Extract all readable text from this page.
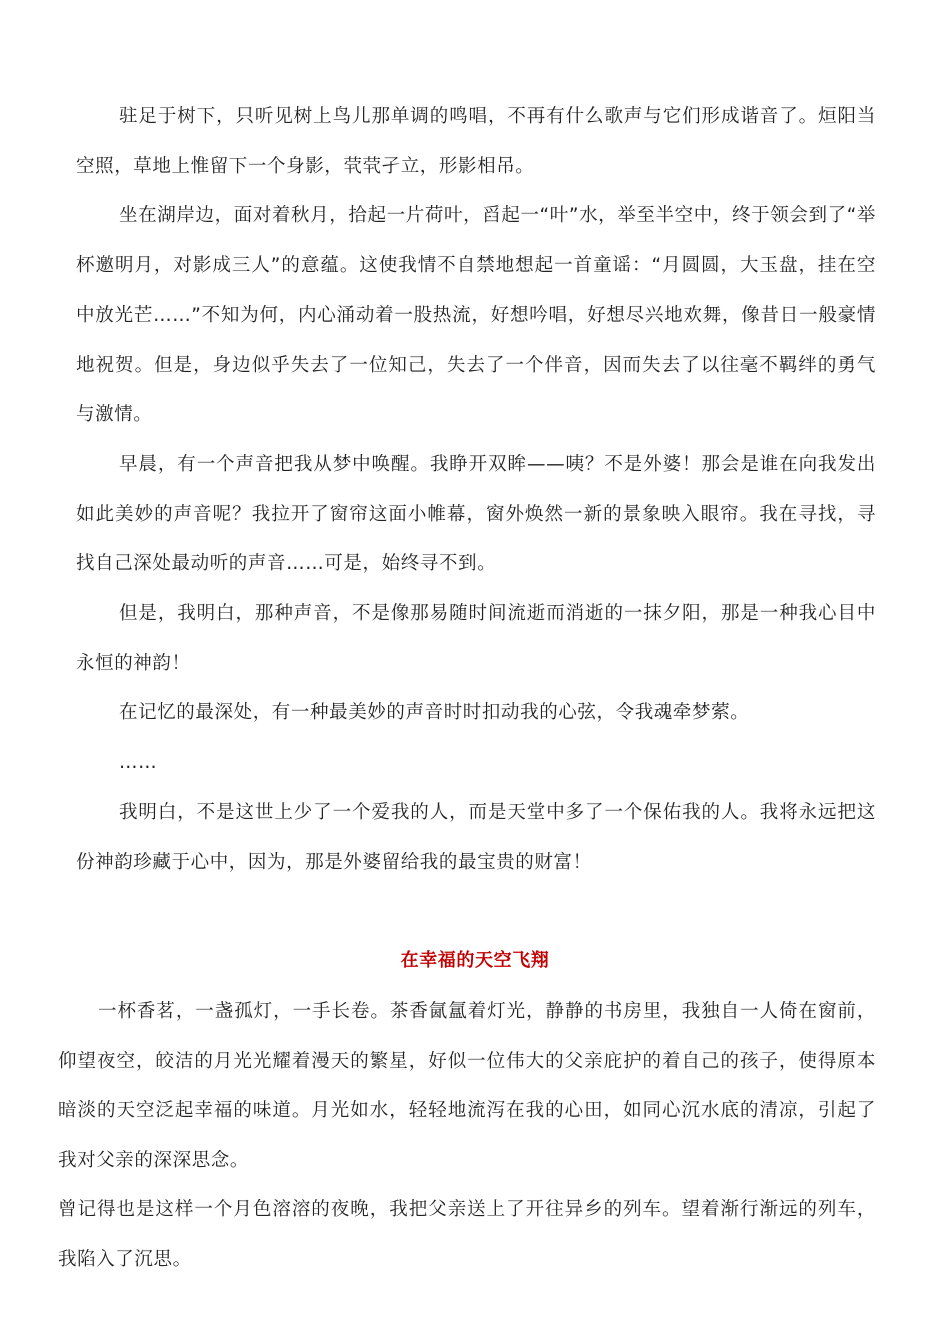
驻足于树下，只听见树上鸟儿那单调的鸣唱，不再有什么歌声与它们形成谐音了。烜阳当空照，草地上惟留下一个身影，茕茕孑立，形影相吊。

坐在湖岸边，面对着秋月，拾起一片荷叶，舀起一“叶”水，举至半空中，终于领会到了“举杯邀明月，对影成三人”的意蕴。这使我情不自禁地想起一首童谣：“月圆圆，大玉盘，挂在空中放光芒……”不知为何，内心涌动着一股热流，好想吟唱，好想尽兴地欢舞，像昔日一般豪情地祝贺。但是，身边似乎失去了一位知己，失去了一个伴音，因而失去了以往毫不羁绊的勇气与激情。

早晨，有一个声音把我从梦中唤醒。我睁开双眸——咦？不是外婆！那会是谁在向我发出如此美妙的声音呢？我拉开了窗帘这面小帷幕，窗外焕然一新的景象映入眼帘。我在寻找，寻找自己深处最动听的声音……可是，始终寻不到。

但是，我明白，那种声音，不是像那易随时间流逝而消逝的一抹夕阳，那是一种我心目中永恒的神韵！

在记忆的最深处，有一种最美妙的声音时时扣动我的心弦，令我魂牵梦萦。

……

我明白，不是这世上少了一个爱我的人，而是天堂中多了一个保佑我的人。我将永远把这份神韵珍藏于心中，因为，那是外婆留给我的最宝贵的财富！

在幸福的天空飞翔

一杯香茗，一盏孤灯，一手长卷。茶香氤氲着灯光，静静的书房里，我独自一人倚在窗前，仰望夜空，皎洁的月光光耀着漫天的繁星，好似一位伟大的父亲庇护的着自己的孩子，使得原本暗淡的天空泛起幸福的味道。月光如水，轻轻地流泻在我的心田，如同心沉水底的清凉，引起了我对父亲的深深思念。

曾记得也是这样一个月色溶溶的夜晚，我把父亲送上了开往异乡的列车。望着渐行渐远的列车，我陷入了沉思。
